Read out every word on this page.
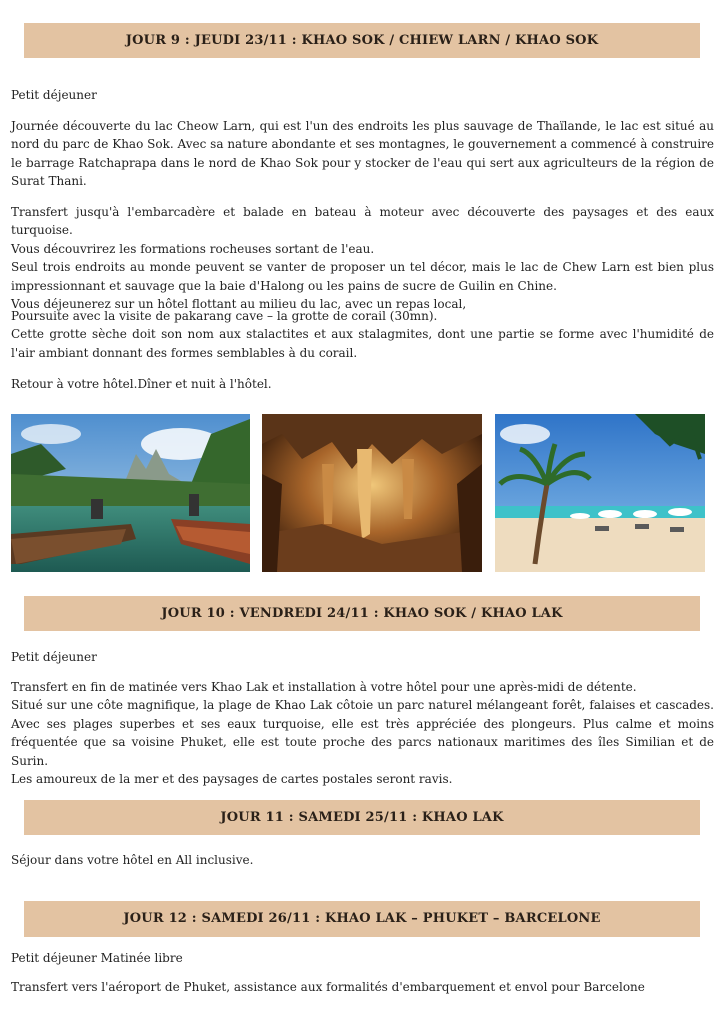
JOUR 9 : JEUDI 23/11 : KHAO SOK / CHIEW LARN / KHAO SOK

Petit déjeuner

Journée découverte du lac Cheow Larn, qui est l'un des endroits les plus sauvage de Thaïlande, le lac est situé au nord du parc de Khao Sok. Avec sa nature abondante et ses montagnes, le gouvernement a commencé à construire le barrage Ratchaprapa dans le nord de Khao Sok pour y stocker de l'eau qui sert aux agriculteurs de la région de Surat Thani.

Transfert jusqu'à l'embarcadère et balade en bateau à moteur avec découverte des paysages et des eaux turquoise.
Vous découvrirez les formations rocheuses sortant de l'eau.
Seul trois endroits au monde peuvent se vanter de proposer un tel décor, mais le lac de Chew Larn est bien plus impressionnant et sauvage que la baie d'Halong ou les pains de sucre de Guilin en Chine.
Vous déjeunerez sur un hôtel flottant au milieu du lac, avec un repas local,
Poursuite avec la visite de pakarang cave – la grotte de corail (30mn).
Cette grotte sèche doit son nom aux stalactites et aux stalagmites, dont une partie se forme avec l'humidité de l'air ambiant donnant des formes semblables à du corail.

Retour à votre hôtel.Dîner et nuit à l'hôtel.

JOUR 10 : VENDREDI 24/11 : KHAO SOK / KHAO LAK

Petit déjeuner

Transfert en fin de matinée vers Khao Lak et installation à votre hôtel pour une après-midi de détente.
Situé sur une côte magnifique, la plage de Khao Lak côtoie un parc naturel mélangeant forêt, falaises et cascades. Avec ses plages superbes et ses eaux turquoise, elle est très appréciée des plongeurs. Plus calme et moins fréquentée que sa voisine Phuket, elle est toute proche des parcs nationaux maritimes des îles Similian et de Surin.
Les amoureux de la mer et des paysages de cartes postales seront ravis.
JOUR 11 : SAMEDI 25/11 : KHAO LAK

Séjour dans votre hôtel en All inclusive.

JOUR 12 : SAMEDI 26/11 : KHAO LAK – PHUKET – BARCELONE

Petit déjeuner Matinée libre

Transfert vers l'aéroport de Phuket, assistance aux formalités d'embarquement et envol pour Barcelone
